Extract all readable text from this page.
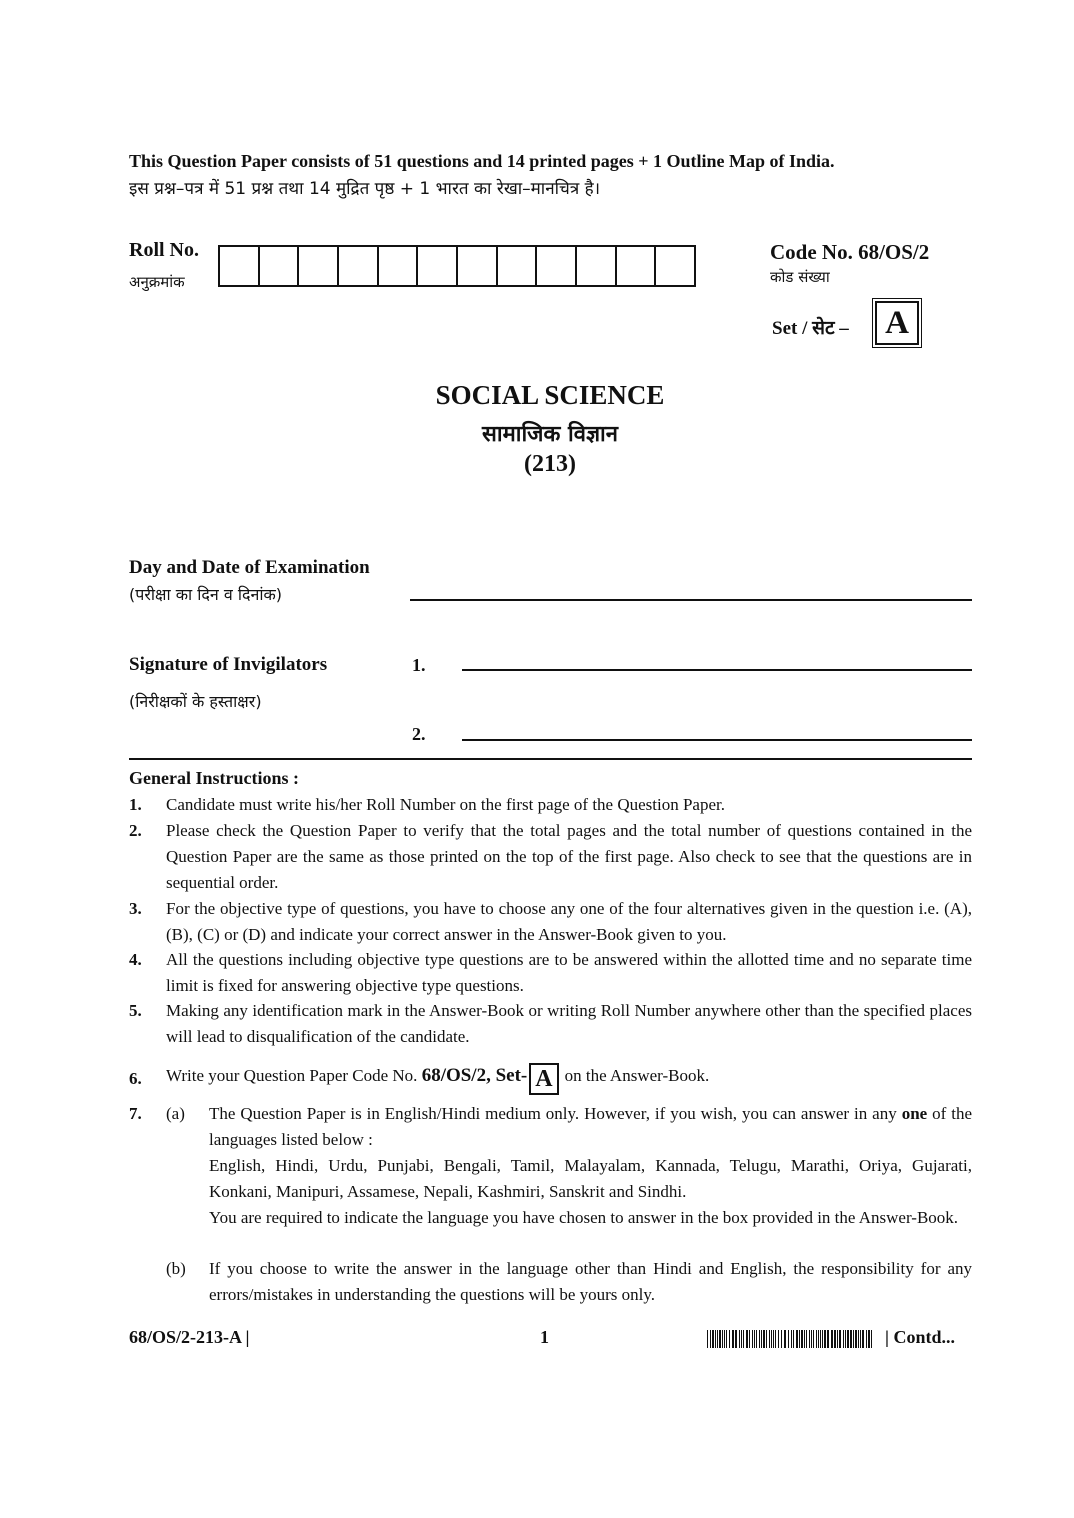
This Question Paper consists of 51 questions and 14 printed pages + 1 Outline Map of India.
इस प्रश्न–पत्र में 51 प्रश्न तथा 14 मुद्रित पृष्ठ + 1 भारत का रेखा–मानचित्र है।
Roll No.
अनुक्रमांक
Code No. 68/OS/2
कोड संख्या
Set / सेट –	A
SOCIAL SCIENCE
सामाजिक विज्ञान
(213)
Day and Date of Examination
(परीक्षा का दिन व दिनांक)
Signature of Invigilators
(निरीक्षकों के हस्ताक्षर)
1.
2.
General Instructions :
1. Candidate must write his/her Roll Number on the first page of the Question Paper.
2. Please check the Question Paper to verify that the total pages and the total number of questions contained in the Question Paper are the same as those printed on the top of the first page. Also check to see that the questions are in sequential order.
3. For the objective type of questions, you have to choose any one of the four alternatives given in the question i.e. (A), (B), (C) or (D) and indicate your correct answer in the Answer-Book given to you.
4. All the questions including objective type questions are to be answered within the allotted time and no separate time limit is fixed for answering objective type questions.
5. Making any identification mark in the Answer-Book or writing Roll Number anywhere other than the specified places will lead to disqualification of the candidate.
6. Write your Question Paper Code No. 68/OS/2, Set- A on the Answer-Book.
7. (a) The Question Paper is in English/Hindi medium only. However, if you wish, you can answer in any one of the languages listed below :
English, Hindi, Urdu, Punjabi, Bengali, Tamil, Malayalam, Kannada, Telugu, Marathi, Oriya, Gujarati, Konkani, Manipuri, Assamese, Nepali, Kashmiri, Sanskrit and Sindhi.
You are required to indicate the language you have chosen to answer in the box provided in the Answer-Book.
(b) If you choose to write the answer in the language other than Hindi and English, the responsibility for any errors/mistakes in understanding the questions will be yours only.
68/OS/2-213-A |	1	| Contd...
